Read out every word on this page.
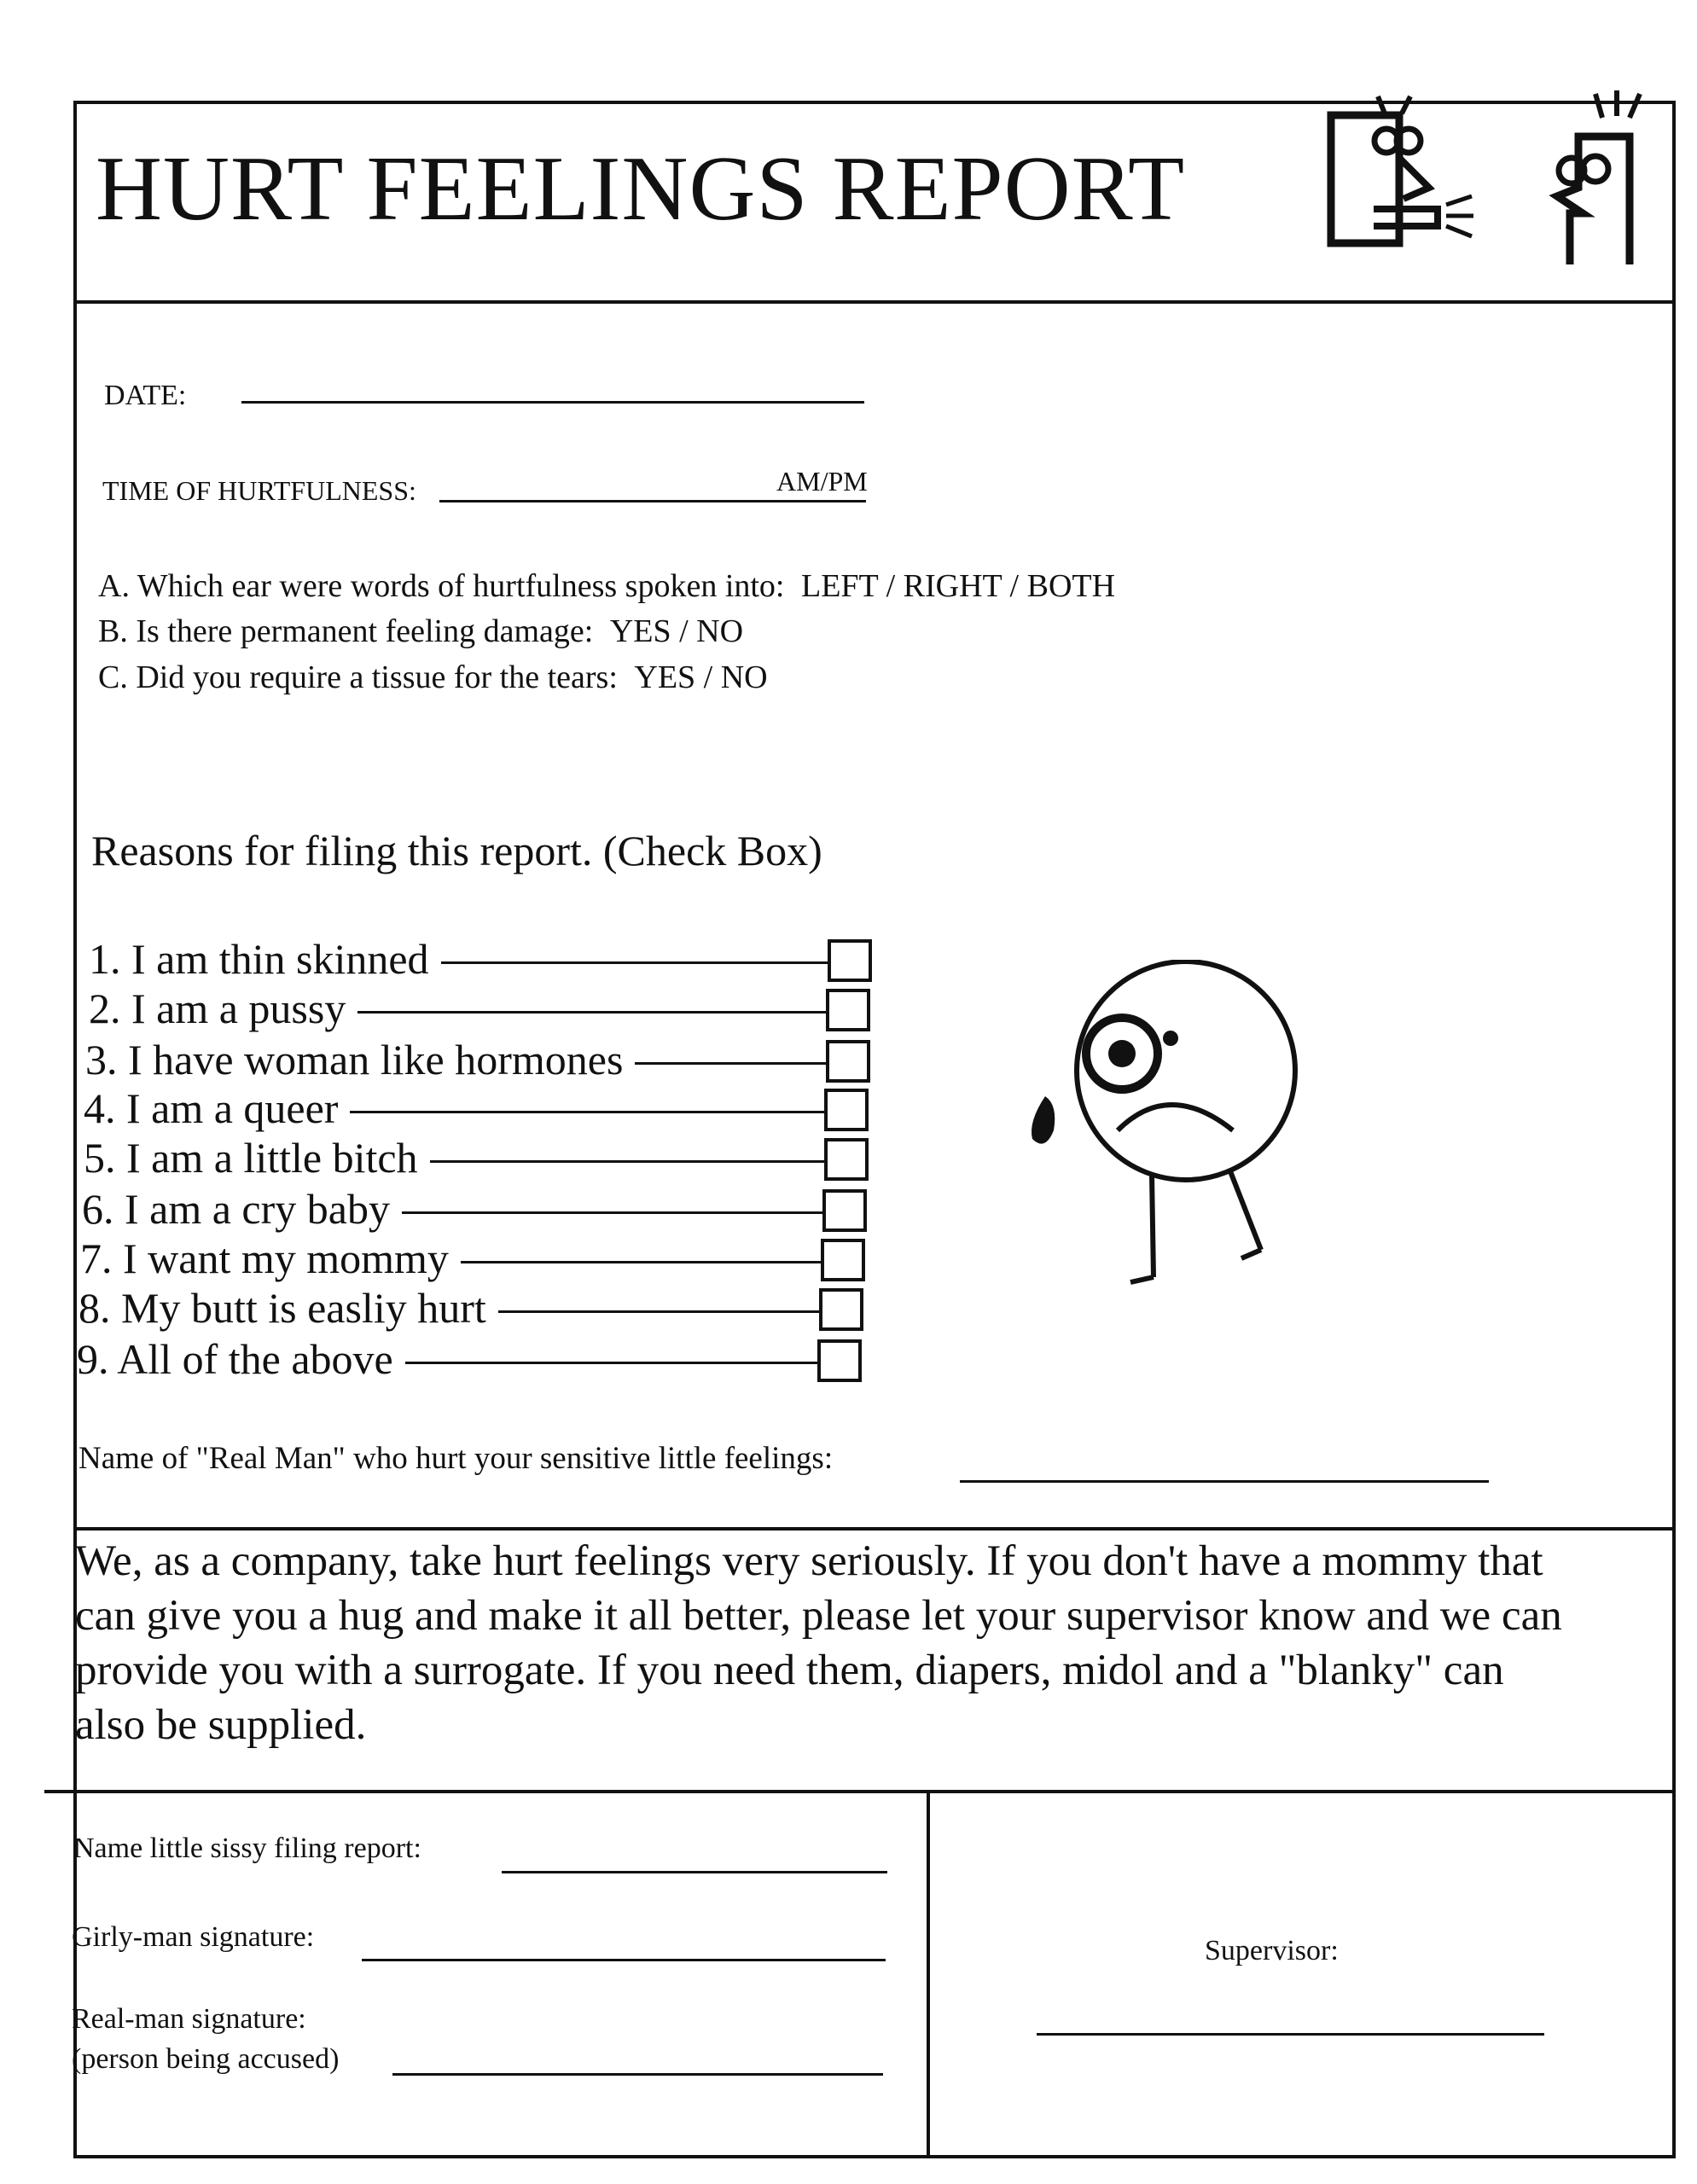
HURT FEELINGS REPORT
DATE:
TIME OF HURTFULNESS:	AM/PM
A. Which ear were words of hurtfulness spoken into: LEFT / RIGHT / BOTH
B. Is there permanent feeling damage: YES / NO
C. Did you require a tissue for the tears: YES / NO
Reasons for filing this report. (Check Box)
1. I am thin skinned
2. I am a pussy
3. I have woman like hormones
4. I am a queer
5. I am a little bitch
6. I am a cry baby
7. I want my mommy
8. My butt is easliy hurt
9. All of the above
Name of "Real Man" who hurt your sensitive little feelings:
We, as a company, take hurt feelings very seriously. If you don't have a mommy that can give you a hug and make it all better, please let your supervisor know and we can provide you with a surrogate. If you need them, diapers, midol and a "blanky" can also be supplied.
Name little sissy filing report:
Girly-man signature:
Real-man signature:
(person being accused)
Supervisor:
